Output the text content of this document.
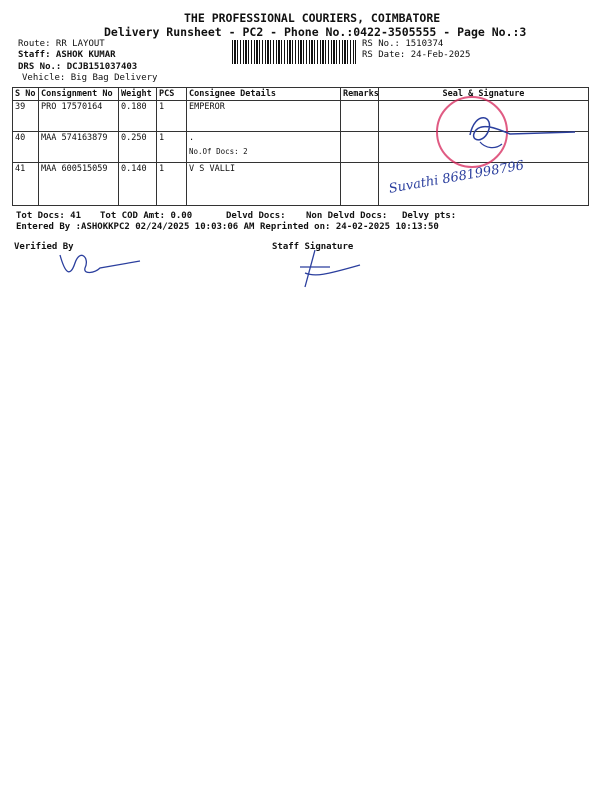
THE PROFESSIONAL COURIERS, COIMBATORE
Delivery Runsheet - PC2 - Phone No.:0422-3505555 - Page No.:3
Route: RR LAYOUT
Staff: ASHOK KUMAR
DRS No.: DCJB151037403
Vehicle: Big Bag Delivery
RS No.: 1510374
RS Date: 24-Feb-2025
S No	Consignment No	Weight	PCS	Consignee Details	Remarks	Seal & Signature
39	PRO 17570164	0.180	1	EMPEROR		
40	MAA 574163879	0.250	1	.
No.Of Docs: 2		

41	MAA 600515059	0.140	1	V S VALLI			Suvathi 8681998796
Tot Docs: 41 Tot COD Amt: 0.00	Delvd Docs: Non Delvd Docs: Delvy pts:
Entered By :ASHOKKPC2 02/24/2025 10:03:06 AM Reprinted on: 24-02-2025 10:13:50
Verified By	Staff Signature
